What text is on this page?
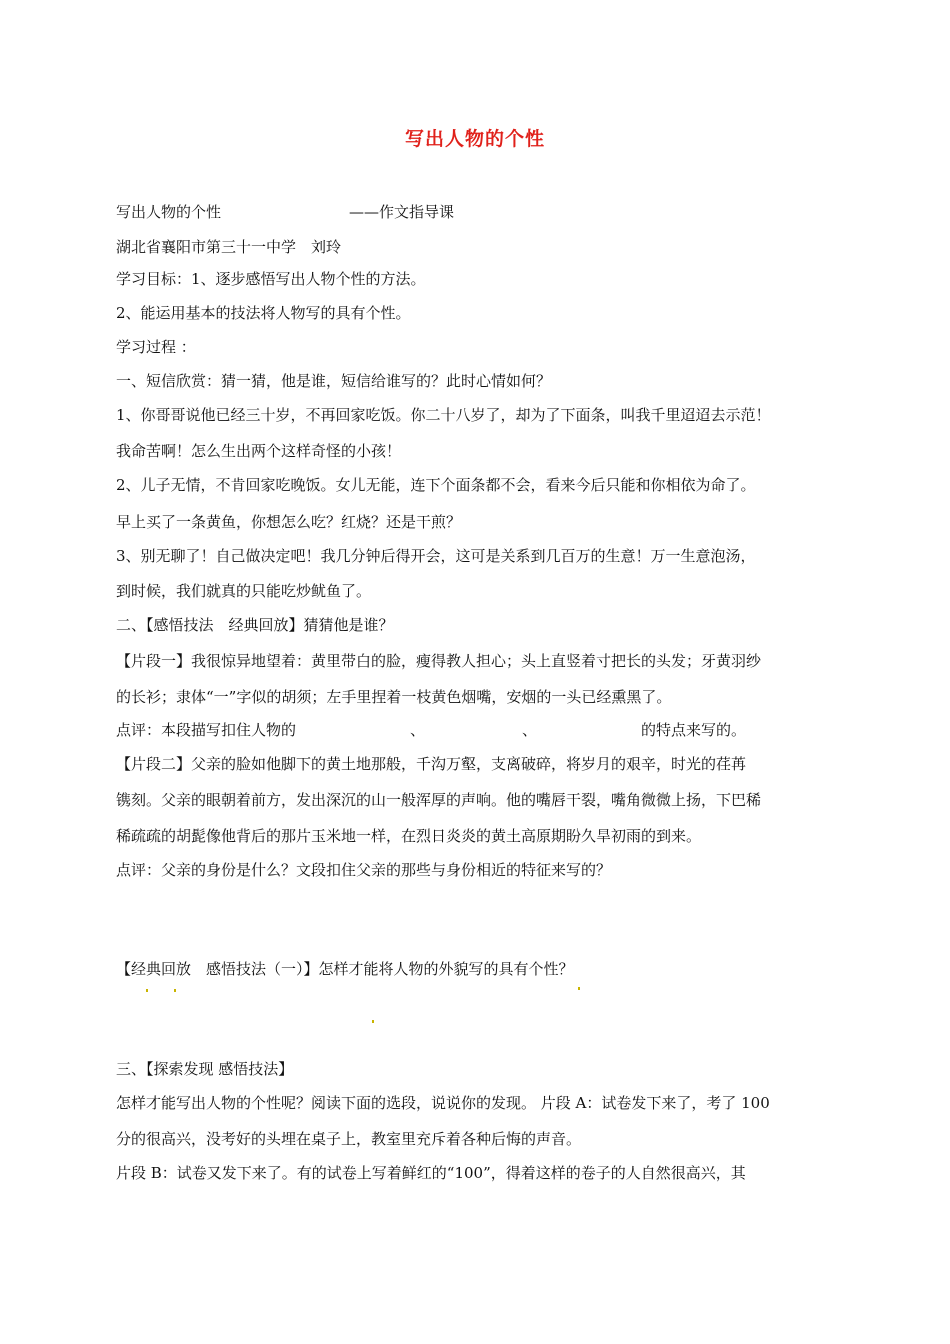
写出人物的个性
写出人物的个性	——作文指导课
湖北省襄阳市第三十一中学　刘玲
学习目标：1、逐步感悟写出人物个性的方法。
2、能运用基本的技法将人物写的具有个性。
学习过程 ：
一、短信欣赏：猜一猜，他是谁，短信给谁写的？此时心情如何？
1、你哥哥说他已经三十岁，不再回家吃饭。你二十八岁了，却为了下面条，叫我千里迢迢去示范！
我命苦啊！怎么生出两个这样奇怪的小孩！
2、儿子无情，不肯回家吃晚饭。女儿无能，连下个面条都不会，看来今后只能和你相依为命了。
早上买了一条黄鱼，你想怎么吃？红烧？还是干煎？
3、别无聊了！自己做决定吧！我几分钟后得开会，这可是关系到几百万的生意！万一生意泡汤，
到时候，我们就真的只能吃炒鱿鱼了。
二、【感悟技法　经典回放】猜猜他是谁？
【片段一】我很惊异地望着：黄里带白的脸，瘦得教人担心；头上直竖着寸把长的头发；牙黄羽纱
的长衫；隶体“一”字似的胡须；左手里捏着一枝黄色烟嘴，安烟的一头已经熏黑了。
点评：本段描写扣住人物的	、	、	的特点来写的。
【片段二】父亲的脸如他脚下的黄土地那般，千沟万壑，支离破碎，将岁月的艰辛，时光的荏苒
镌刻。父亲的眼朝着前方，发出深沉的山一般浑厚的声响。他的嘴唇干裂，嘴角微微上扬，下巴稀
稀疏疏的胡髭像他背后的那片玉米地一样，在烈日炎炎的黄土高原期盼久旱初雨的到来。
点评：父亲的身份是什么？文段扣住父亲的那些与身份相近的特征来写的？
【经典回放　感悟技法（一）】怎样才能将人物的外貌写的具有个性？
三、【探索发现 感悟技法】
怎样才能写出人物的个性呢？阅读下面的选段，说说你的发现。 片段 A：试卷发下来了，考了 100
分的很高兴，没考好的头埋在桌子上，教室里充斥着各种后悔的声音。
片段 B：试卷又发下来了。有的试卷上写着鲜红的“100”，得着这样的卷子的人自然很高兴，其
